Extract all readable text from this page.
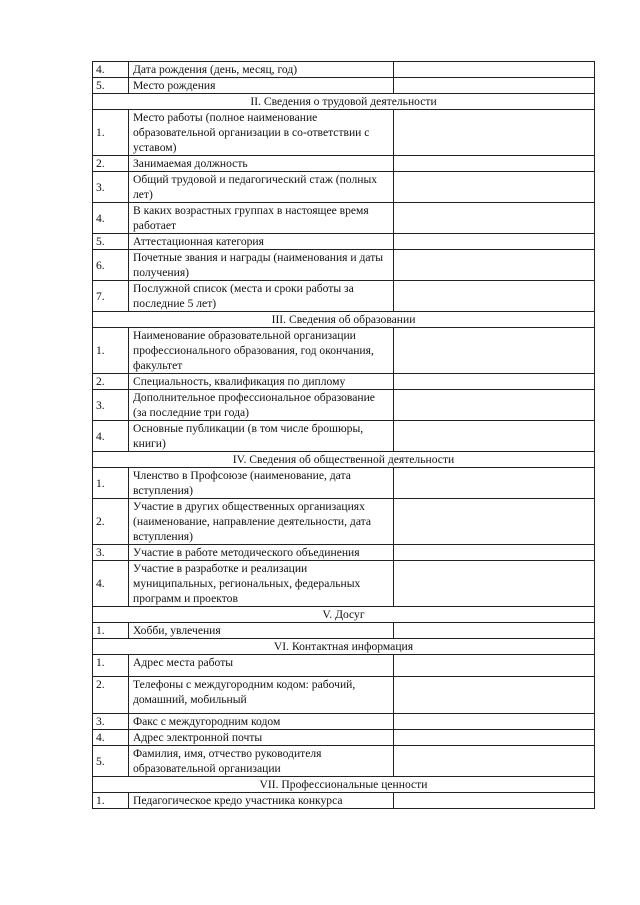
4.	Дата рождения (день, месяц, год)	
5.	Место рождения	
II. Сведения о трудовой деятельности		
1.	Место работы (полное наименование образовательной организации в со-ответствии с уставом)	
2.	Занимаемая должность	
3.	Общий трудовой и педагогический стаж (полных лет)	
4.	В каких возрастных группах в настоящее время работает	
5.	Аттестационная категория	
6.	Почетные звания и награды (наименования и даты получения)	
7.	Послужной список (места и сроки работы за последние 5 лет)	
III. Сведения об образовании		
1.	Наименование образовательной организации профессионального образования, год окончания, факультет	
2.	Специальность, квалификация по диплому	
3.	Дополнительное профессиональное образование (за последние три года)	
4.	Основные публикации (в том числе брошюры, книги)	
IV. Сведения об общественной деятельности		
1.	Членство в Профсоюзе (наименование, дата вступления)	
2.	Участие в других общественных организациях (наименование, направление деятельности, дата вступления)	
3.	Участие в работе методического объединения	
4.	Участие в разработке и реализации муниципальных, региональных, федеральных программ и проектов	
V. Досуг		
1.	Хобби, увлечения	
VI. Контактная информация		
1.	Адрес места работы	
2.	Телефоны с междугородним кодом: рабочий, домашний, мобильный	
3.	Факс с междугородним кодом	
4.	Адрес электронной почты	
5.	Фамилия, имя, отчество руководителя образовательной организации	
VII. Профессиональные ценности		
1.	Педагогическое кредо участника конкурса	
